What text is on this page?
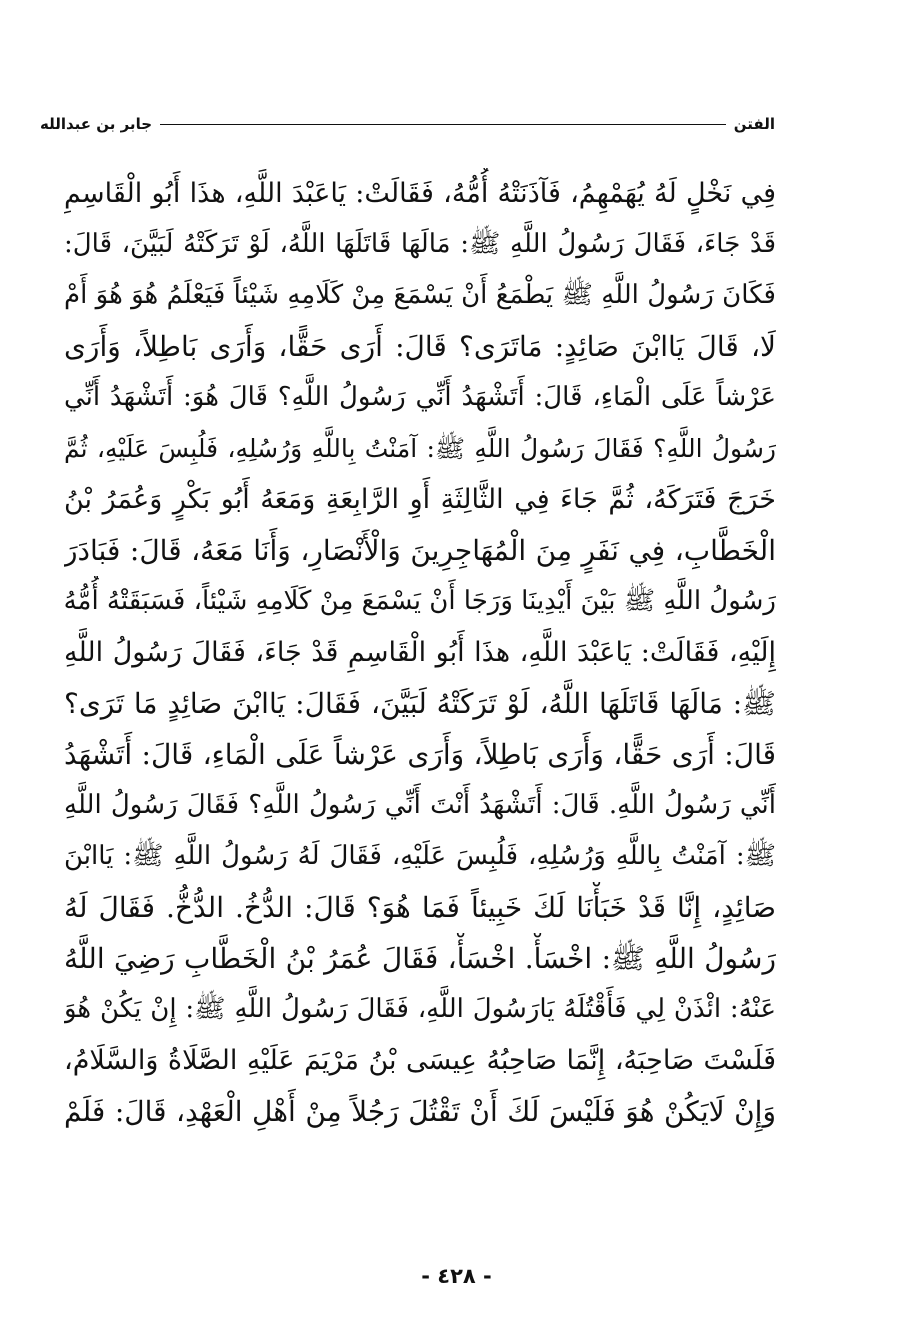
الفتن
جابر بن عبدالله
فِي نَخْلٍ لَهُ يُهَمْهِمُ، فَآذَنَتْهُ أُمُّهُ، فَقَالَتْ: يَاعَبْدَ اللَّهِ، هذَا أَبُو الْقَاسِمِ
قَدْ جَاءَ، فَقَالَ رَسُولُ اللَّهِ ﷺ: مَالَهَا قَاتَلَهَا اللَّهُ، لَوْ تَرَكَتْهُ لَبَيَّنَ، قَالَ:
فَكَانَ رَسُولُ اللَّهِ ﷺ يَطْمَعُ أَنْ يَسْمَعَ مِنْ كَلَامِهِ شَيْئاً فَيَعْلَمُ هُوَ هُوَ أَمْ
لَا، قَالَ يَاابْنَ صَائِدٍ: مَاتَرَى؟ قَالَ: أَرَى حَقًّا، وَأَرَى بَاطِلاً، وَأَرَى
عَرْشاً عَلَى الْمَاءِ، قَالَ: أَتَشْهَدُ أَنِّي رَسُولُ اللَّهِ؟ قَالَ هُوَ: أَتَشْهَدُ أَنِّي
رَسُولُ اللَّهِ؟ فَقَالَ رَسُولُ اللَّهِ ﷺ: آمَنْتُ بِاللَّهِ وَرُسُلِهِ، فَلُبِسَ عَلَيْهِ، ثُمَّ
خَرَجَ فَتَرَكَهُ، ثُمَّ جَاءَ فِي الثَّالِثَةِ أَوِ الرَّابِعَةِ وَمَعَهُ أَبُو بَكْرٍ وَعُمَرُ بْنُ
الْخَطَّابِ، فِي نَفَرٍ مِنَ الْمُهَاجِرِينَ وَالْأَنْصَارِ، وَأَنَا مَعَهُ، قَالَ: فَبَادَرَ
رَسُولُ اللَّهِ ﷺ بَيْنَ أَيْدِينَا وَرَجَا أَنْ يَسْمَعَ مِنْ كَلَامِهِ شَيْئاً، فَسَبَقَتْهُ أُمُّهُ
إِلَيْهِ، فَقَالَتْ: يَاعَبْدَ اللَّهِ، هذَا أَبُو الْقَاسِمِ قَدْ جَاءَ، فَقَالَ رَسُولُ اللَّهِ
ﷺ: مَالَهَا قَاتَلَهَا اللَّهُ، لَوْ تَرَكَتْهُ لَبَيَّنَ، فَقَالَ: يَاابْنَ صَائِدٍ مَا تَرَى؟
قَالَ: أَرَى حَقًّا، وَأَرَى بَاطِلاً، وَأَرَى عَرْشاً عَلَى الْمَاءِ، قَالَ: أَتَشْهَدُ
أَنِّي رَسُولُ اللَّهِ. قَالَ: أَتَشْهَدُ أَنْتَ أَنِّي رَسُولُ اللَّهِ؟ فَقَالَ رَسُولُ اللَّهِ
ﷺ: آمَنْتُ بِاللَّهِ وَرُسُلِهِ، فَلُبِسَ عَلَيْهِ، فَقَالَ لَهُ رَسُولُ اللَّهِ ﷺ: يَاابْنَ
صَائِدٍ، إِنَّا قَدْ خَبَأْنَا لَكَ خَبِيئاً فَمَا هُوَ؟ قَالَ: الدُّخُ. الدُّخُّ. فَقَالَ لَهُ
رَسُولُ اللَّهِ ﷺ: اخْسَأْ. اخْسَأْ، فَقَالَ عُمَرُ بْنُ الْخَطَّابِ رَضِيَ اللَّهُ
عَنْهُ: ائْذَنْ لِي فَأَقْتُلَهُ يَارَسُولَ اللَّهِ، فَقَالَ رَسُولُ اللَّهِ ﷺ: إِنْ يَكُنْ هُوَ
فَلَسْتَ صَاحِبَهُ، إِنَّمَا صَاحِبُهُ عِيسَى بْنُ مَرْيَمَ عَلَيْهِ الصَّلَاةُ وَالسَّلَامُ،
وَإِنْ لَايَكُنْ هُوَ فَلَيْسَ لَكَ أَنْ تَقْتُلَ رَجُلاً مِنْ أَهْلِ الْعَهْدِ، قَالَ: فَلَمْ
- ٤٢٨ -
